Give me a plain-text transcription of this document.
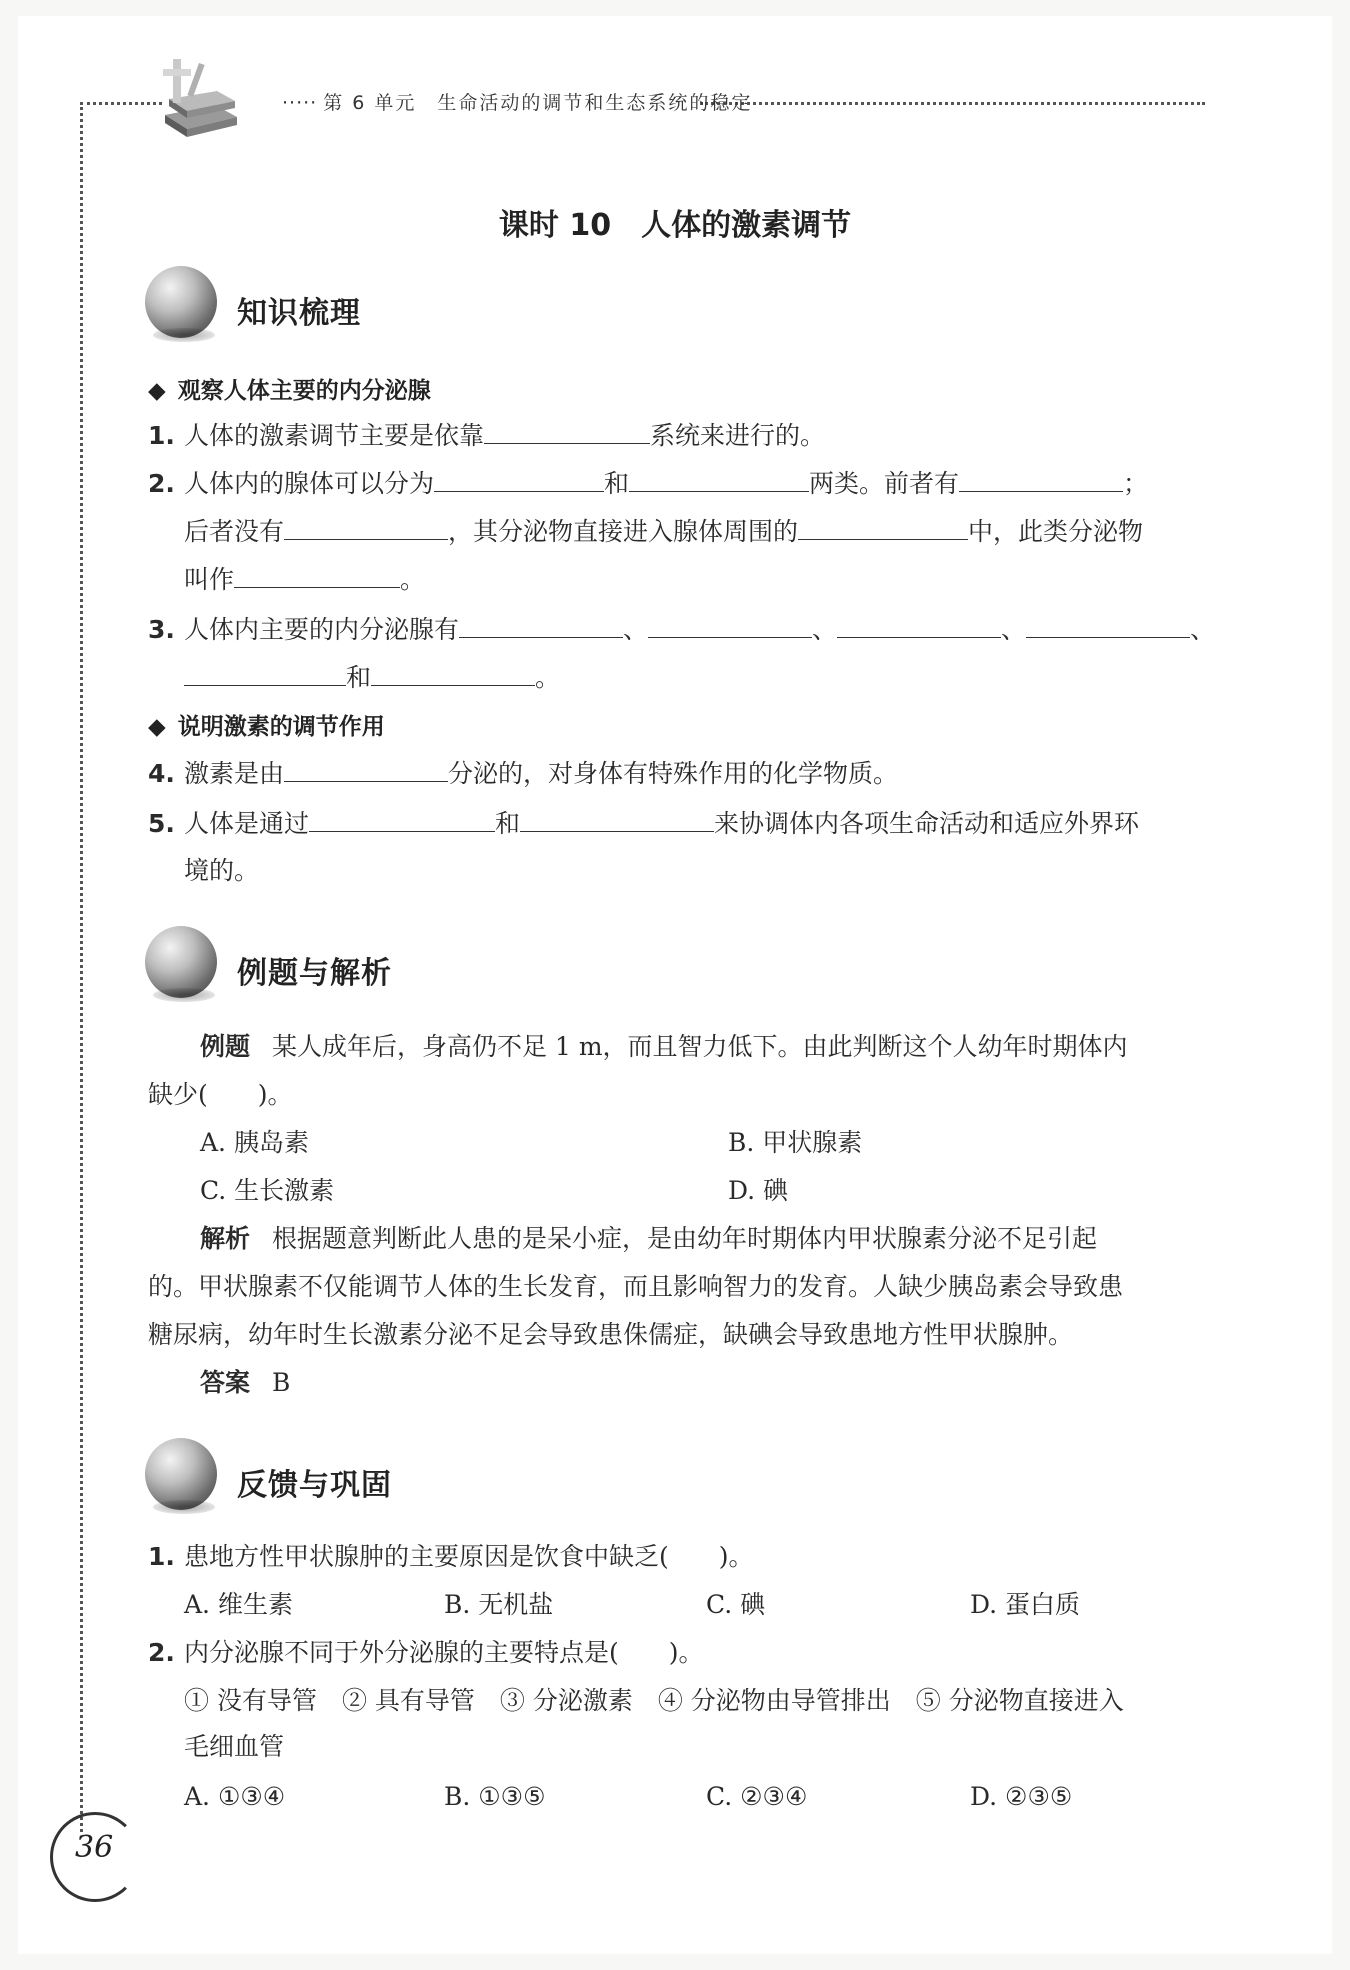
36
····· 第 6 单元　 生命活动的调节和生态系统的稳定
课时 10　人体的激素调节
知识梳理
◆ 观察人体主要的内分泌腺
1. 人体的激素调节主要是依靠	系统来进行的。
2. 人体内的腺体可以分为	和	两类。前者有	；
后者没有	，其分泌物直接进入腺体周围的	中，此类分泌物
叫作	。
3. 人体内主要的内分泌腺有	、	、	、	、
和	。
◆ 说明激素的调节作用
4. 激素是由	分泌的，对身体有特殊作用的化学物质。
5. 人体是通过	和	来协调体内各项生命活动和适应外界环
境的。
例题与解析
例题 某人成年后，身高仍不足 1 m，而且智力低下。由此判断这个人幼年时期体内
缺少(　　)。
A. 胰岛素	B. 甲状腺素
C. 生长激素	D. 碘
解析 根据题意判断此人患的是呆小症，是由幼年时期体内甲状腺素分泌不足引起
的。甲状腺素不仅能调节人体的生长发育，而且影响智力的发育。人缺少胰岛素会导致患
糖尿病，幼年时生长激素分泌不足会导致患侏儒症，缺碘会导致患地方性甲状腺肿。
答案 B
反馈与巩固
1. 患地方性甲状腺肿的主要原因是饮食中缺乏(　　)。
A. 维生素	B. 无机盐	C. 碘	D. 蛋白质
2. 内分泌腺不同于外分泌腺的主要特点是(　　)。
① 没有导管　② 具有导管　③ 分泌激素　④ 分泌物由导管排出　⑤ 分泌物直接进入
毛细血管
A. ①③④	B. ①③⑤	C. ②③④	D. ②③⑤
